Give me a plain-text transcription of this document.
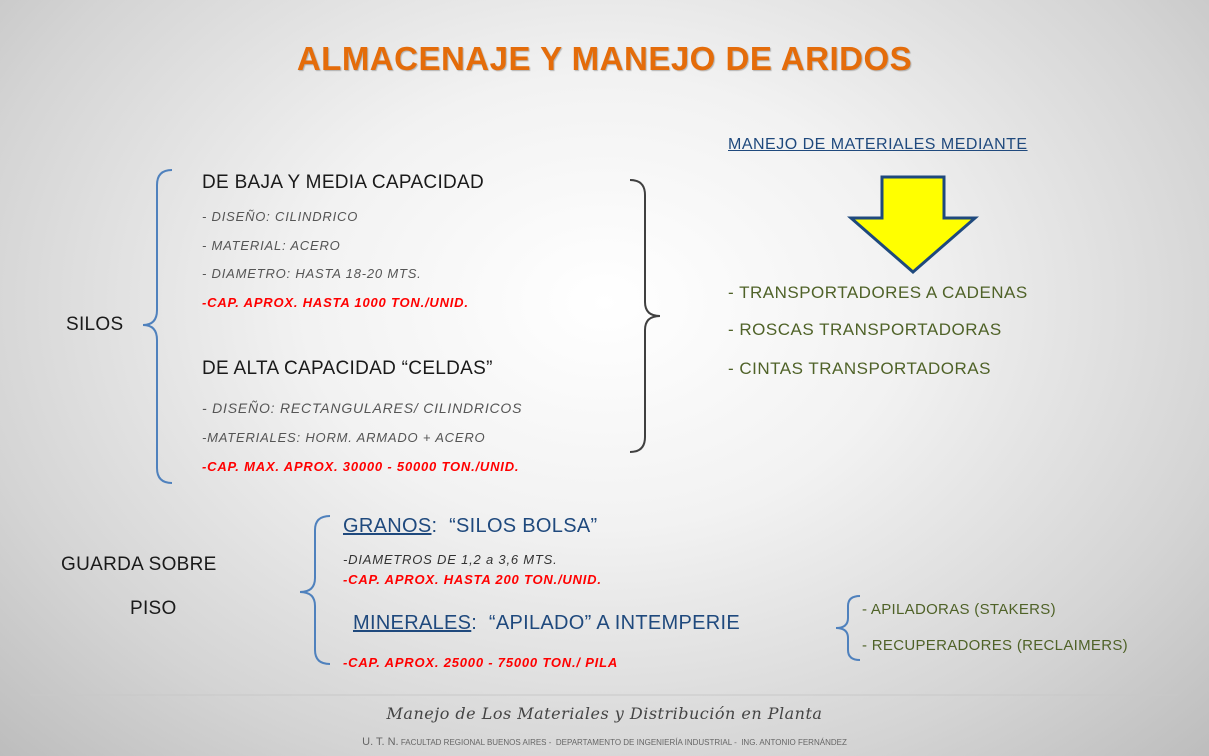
ALMACENAJE Y MANEJO DE ARIDOS
SILOS
DE BAJA Y MEDIA CAPACIDAD
- DISEÑO: CILINDRICO
- MATERIAL: ACERO
- DIAMETRO: HASTA 18-20 MTS.
-CAP. APROX. HASTA 1000 TON./UNID.
DE ALTA CAPACIDAD “CELDAS”
- DISEÑO: RECTANGULARES/ CILINDRICOS
-MATERIALES: HORM. ARMADO + ACERO
-CAP. MAX. APROX. 30000 - 50000 TON./UNID.
MANEJO DE MATERIALES MEDIANTE
- TRANSPORTADORES A CADENAS
- ROSCAS TRANSPORTADORAS
- CINTAS TRANSPORTADORAS
GUARDA SOBRE
PISO
GRANOS:  “SILOS BOLSA”
-DIAMETROS DE 1,2 a 3,6 MTS.
-CAP. APROX. HASTA 200 TON./UNID.
MINERALES:  “APILADO” A INTEMPERIE
-CAP. APROX. 25000 - 75000 TON./ PILA
- APILADORAS (STAKERS)
- RECUPERADORES (RECLAIMERS)
Manejo de Los Materiales y Distribución en Planta
U. T. N. FACULTAD REGIONAL BUENOS AIRES -  DEPARTAMENTO DE INGENIERÍA INDUSTRIAL -  ING. ANTONIO FERNÁNDEZ
